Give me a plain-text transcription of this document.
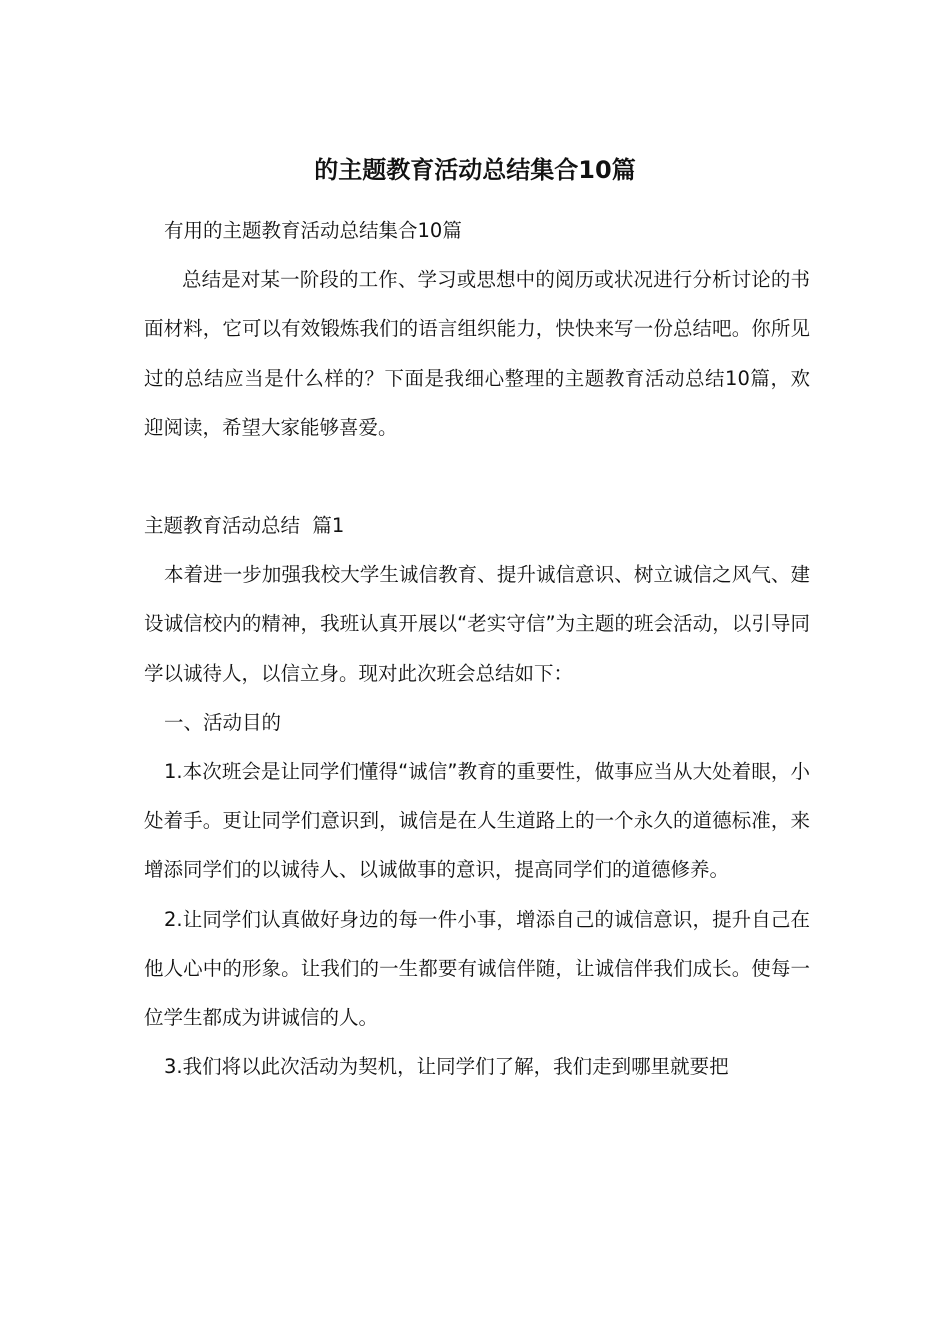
的主题教育活动总结集合10篇

有用的主题教育活动总结集合10篇

总结是对某一阶段的工作、学习或思想中的阅历或状况进行分析讨论的书面材料，它可以有效锻炼我们的语言组织能力，快快来写一份总结吧。你所见过的总结应当是什么样的？下面是我细心整理的主题教育活动总结10篇，欢迎阅读，希望大家能够喜爱。

主题教育活动总结  篇1

本着进一步加强我校大学生诚信教育、提升诚信意识、树立诚信之风气、建设诚信校内的精神，我班认真开展以“老实守信”为主题的班会活动，以引导同学以诚待人，以信立身。现对此次班会总结如下：

一、活动目的

1.本次班会是让同学们懂得“诚信”教育的重要性，做事应当从大处着眼，小处着手。更让同学们意识到，诚信是在人生道路上的一个永久的道德标准，来增添同学们的以诚待人、以诚做事的意识，提高同学们的道德修养。

2.让同学们认真做好身边的每一件小事，增添自己的诚信意识，提升自己在他人心中的形象。让我们的一生都要有诚信伴随，让诚信伴我们成长。使每一位学生都成为讲诚信的人。

3.我们将以此次活动为契机，让同学们了解，我们走到哪里就要把
